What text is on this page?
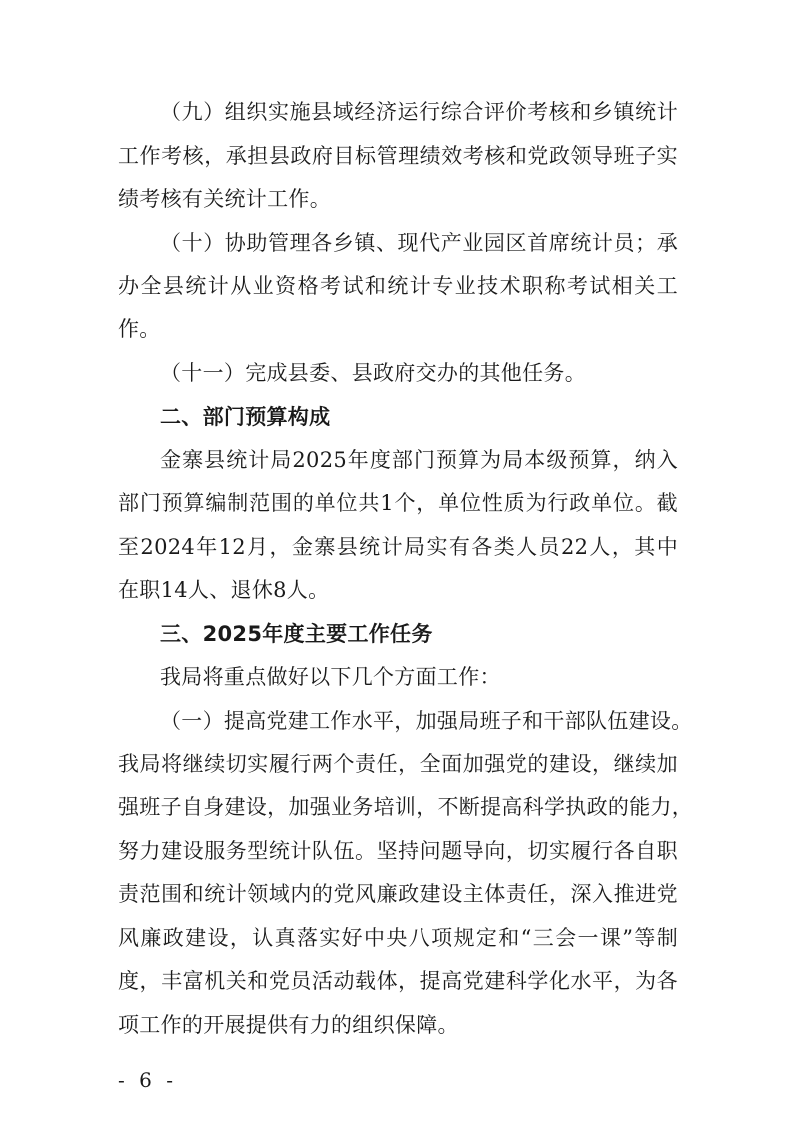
（九）组织实施县域经济运行综合评价考核和乡镇统计
工作考核，承担县政府目标管理绩效考核和党政领导班子实
绩考核有关统计工作。
（十）协助管理各乡镇、现代产业园区首席统计员；承
办全县统计从业资格考试和统计专业技术职称考试相关工
作。
（十一）完成县委、县政府交办的其他任务。
二、部门预算构成
金寨县统计局2025年度部门预算为局本级预算，纳入
部门预算编制范围的单位共1个，单位性质为行政单位。截
至2024年12月，金寨县统计局实有各类人员22人，其中
在职14人、退休8人。
三、2025年度主要工作任务
我局将重点做好以下几个方面工作：
（一）提高党建工作水平，加强局班子和干部队伍建设。
我局将继续切实履行两个责任，全面加强党的建设，继续加
强班子自身建设，加强业务培训，不断提高科学执政的能力，
努力建设服务型统计队伍。坚持问题导向，切实履行各自职
责范围和统计领域内的党风廉政建设主体责任，深入推进党
风廉政建设，认真落实好中央八项规定和“三会一课”等制
度，丰富机关和党员活动载体，提高党建科学化水平，为各
项工作的开展提供有力的组织保障。
- 6 -
